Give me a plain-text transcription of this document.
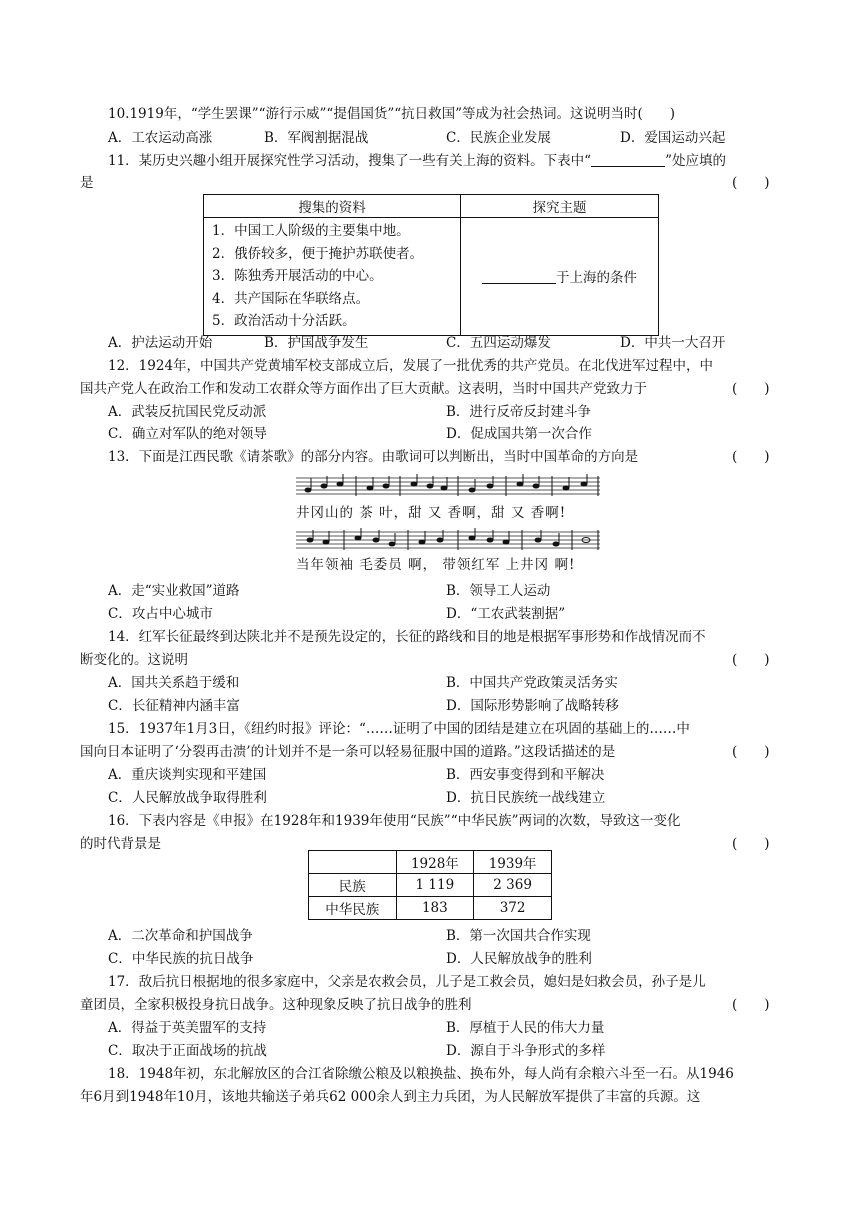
10.1919年，“学生罢课”“游行示威”“提倡国货”“抗日救国”等成为社会热词。这说明当时(　　)
A．工农运动高涨	B．军阀割据混战	C．民族企业发展	D．爱国运动兴起
11．某历史兴趣小组开展探究性学习活动，搜集了一些有关上海的资料。下表中“	”处应填的
是	(　　)
搜集的资料	探究主题

1．中国工人阶级的主要集中地。
2．俄侨较多，便于掩护苏联使者。
3．陈独秀开展活动的中心。
4．共产国际在华联络点。
5．政治活动十分活跃。	于上海的条件
A．护法运动开始	B．护国战争发生	C．五四运动爆发	D．中共一大召开
12．1924年，中国共产党黄埔军校支部成立后，发展了一批优秀的共产党员。在北伐进军过程中，中
国共产党人在政治工作和发动工农群众等方面作出了巨大贡献。这表明，当时中国共产党致力于	(　　)
A．武装反抗国民党反动派	B．进行反帝反封建斗争
C．确立对军队的绝对领导	D．促成国共第一次合作
13．下面是江西民歌《请茶歌》的部分内容。由歌词可以判断出，当时中国革命的方向是	(　　)
井冈山的 茶 叶，甜 又 香啊，甜 又 香啊!
当年领袖 毛委员 啊， 带领红军 上井冈 啊!
A．走“实业救国”道路	B．领导工人运动
C．攻占中心城市	D．“工农武装割据”
14．红军长征最终到达陕北并不是预先设定的，长征的路线和目的地是根据军事形势和作战情况而不
断变化的。这说明	(　　)
A．国共关系趋于缓和	B．中国共产党政策灵活务实
C．长征精神内涵丰富	D．国际形势影响了战略转移
15．1937年1月3日，《纽约时报》评论：“……证明了中国的团结是建立在巩固的基础上的……中
国向日本证明了‘分裂再击溃’的计划并不是一条可以轻易征服中国的道路。”这段话描述的是	(　　)
A．重庆谈判实现和平建国	B．西安事变得到和平解决
C．人民解放战争取得胜利	D．抗日民族统一战线建立
16．下表内容是《申报》在1928年和1939年使用“民族”“中华民族”两词的次数，导致这一变化
的时代背景是	(　　)
	1928年	1939年
民族	1 119	2 369
中华民族	183	372
A．二次革命和护国战争	B．第一次国共合作实现
C．中华民族的抗日战争	D．人民解放战争的胜利
17．敌后抗日根据地的很多家庭中，父亲是农救会员，儿子是工救会员，媳妇是妇救会员，孙子是儿
童团员，全家积极投身抗日战争。这种现象反映了抗日战争的胜利	(　　)
A．得益于英美盟军的支持	B．厚植于人民的伟大力量
C．取决于正面战场的抗战	D．源自于斗争形式的多样
18．1948年初，东北解放区的合江省除缴公粮及以粮换盐、换布外，每人尚有余粮六斗至一石。从1946
年6月到1948年10月，该地共输送子弟兵62 000余人到主力兵团，为人民解放军提供了丰富的兵源。这
